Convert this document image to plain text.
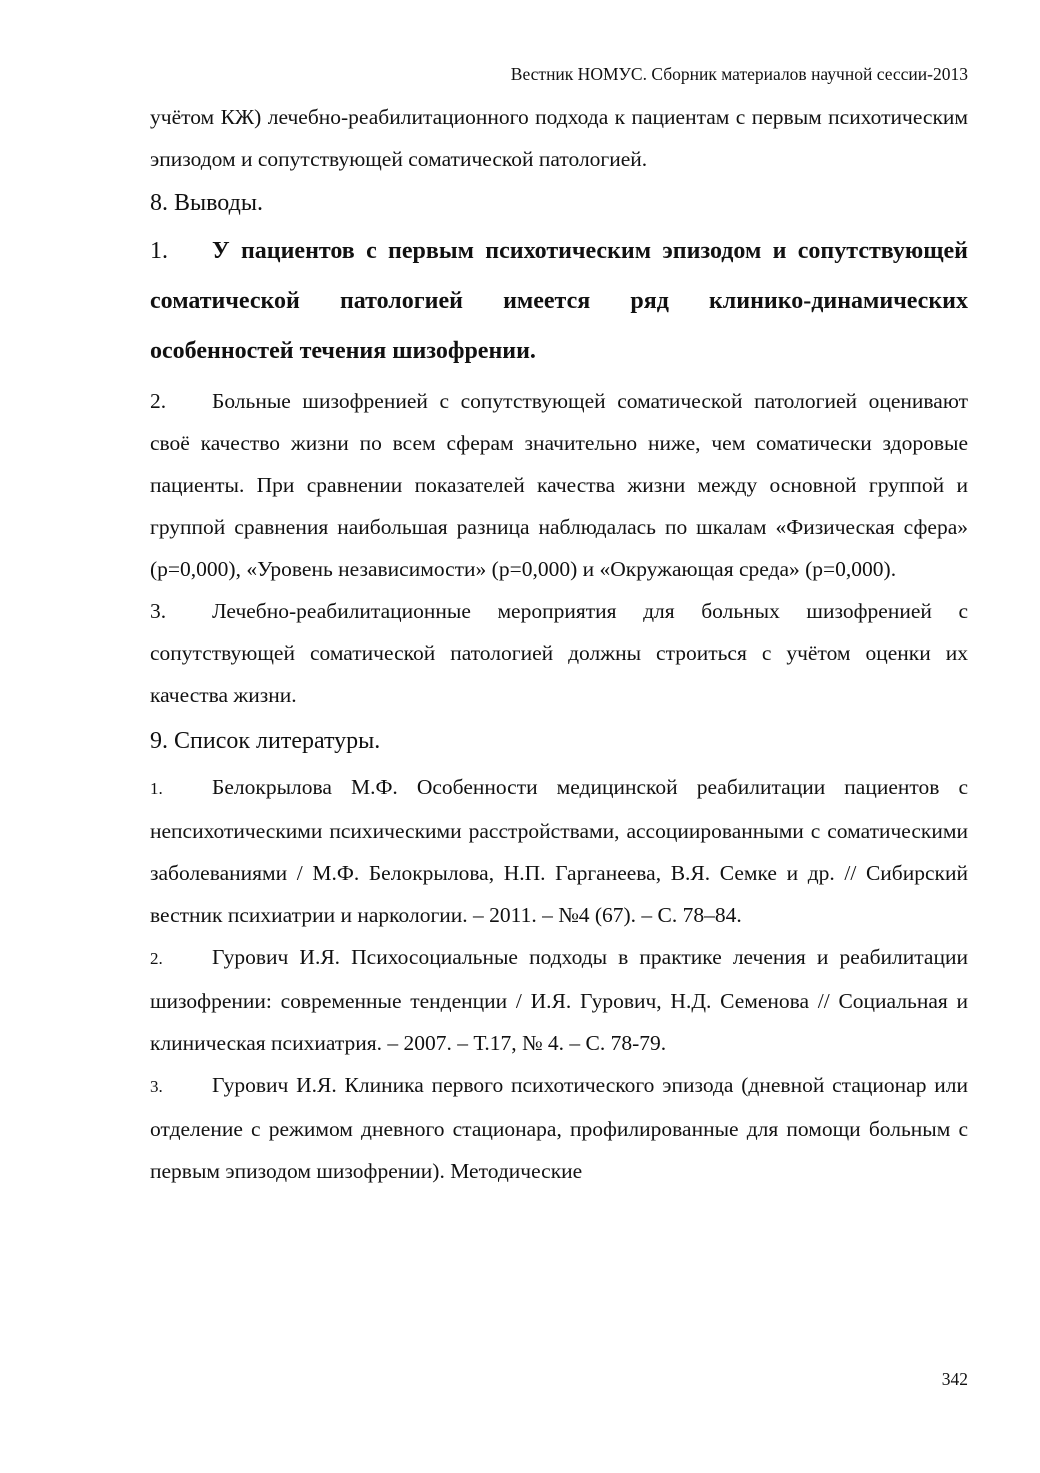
Вестник НОМУС. Сборник материалов научной сессии-2013

учётом КЖ) лечебно-реабилитационного подхода к пациентам с первым психотическим эпизодом и сопутствующей соматической патологией.

8. Выводы.

1. У пациентов с первым психотическим эпизодом и сопутствующей соматической патологией имеется ряд клинико-динамических особенностей течения шизофрении.

2. Больные шизофренией с сопутствующей соматической патологией оценивают своё качество жизни по всем сферам значительно ниже, чем соматически здоровые пациенты. При сравнении показателей качества жизни между основной группой и группой сравнения наибольшая разница наблюдалась по шкалам «Физическая сфера» (р=0,000), «Уровень независимости» (р=0,000) и «Окружающая среда» (р=0,000).

3. Лечебно-реабилитационные мероприятия для больных шизофренией с сопутствующей соматической патологией должны строиться с учётом оценки их качества жизни.

9. Список литературы.

1. Белокрылова М.Ф. Особенности медицинской реабилитации пациентов с непсихотическими психическими расстройствами, ассоциированными с соматическими заболеваниями / М.Ф. Белокрылова, Н.П. Гарганеева, В.Я. Семке и др. // Сибирский вестник психиатрии и наркологии. – 2011. – №4 (67). – С. 78–84.

2. Гурович И.Я. Психосоциальные подходы в практике лечения и реабилитации шизофрении: современные тенденции / И.Я. Гурович, Н.Д. Семенова // Социальная и клиническая психиатрия. – 2007. – Т.17, № 4. – С. 78-79.

3. Гурович И.Я. Клиника первого психотического эпизода (дневной стационар или отделение с режимом дневного стационара, профилированные для помощи больным с первым эпизодом шизофрении). Методические

342
